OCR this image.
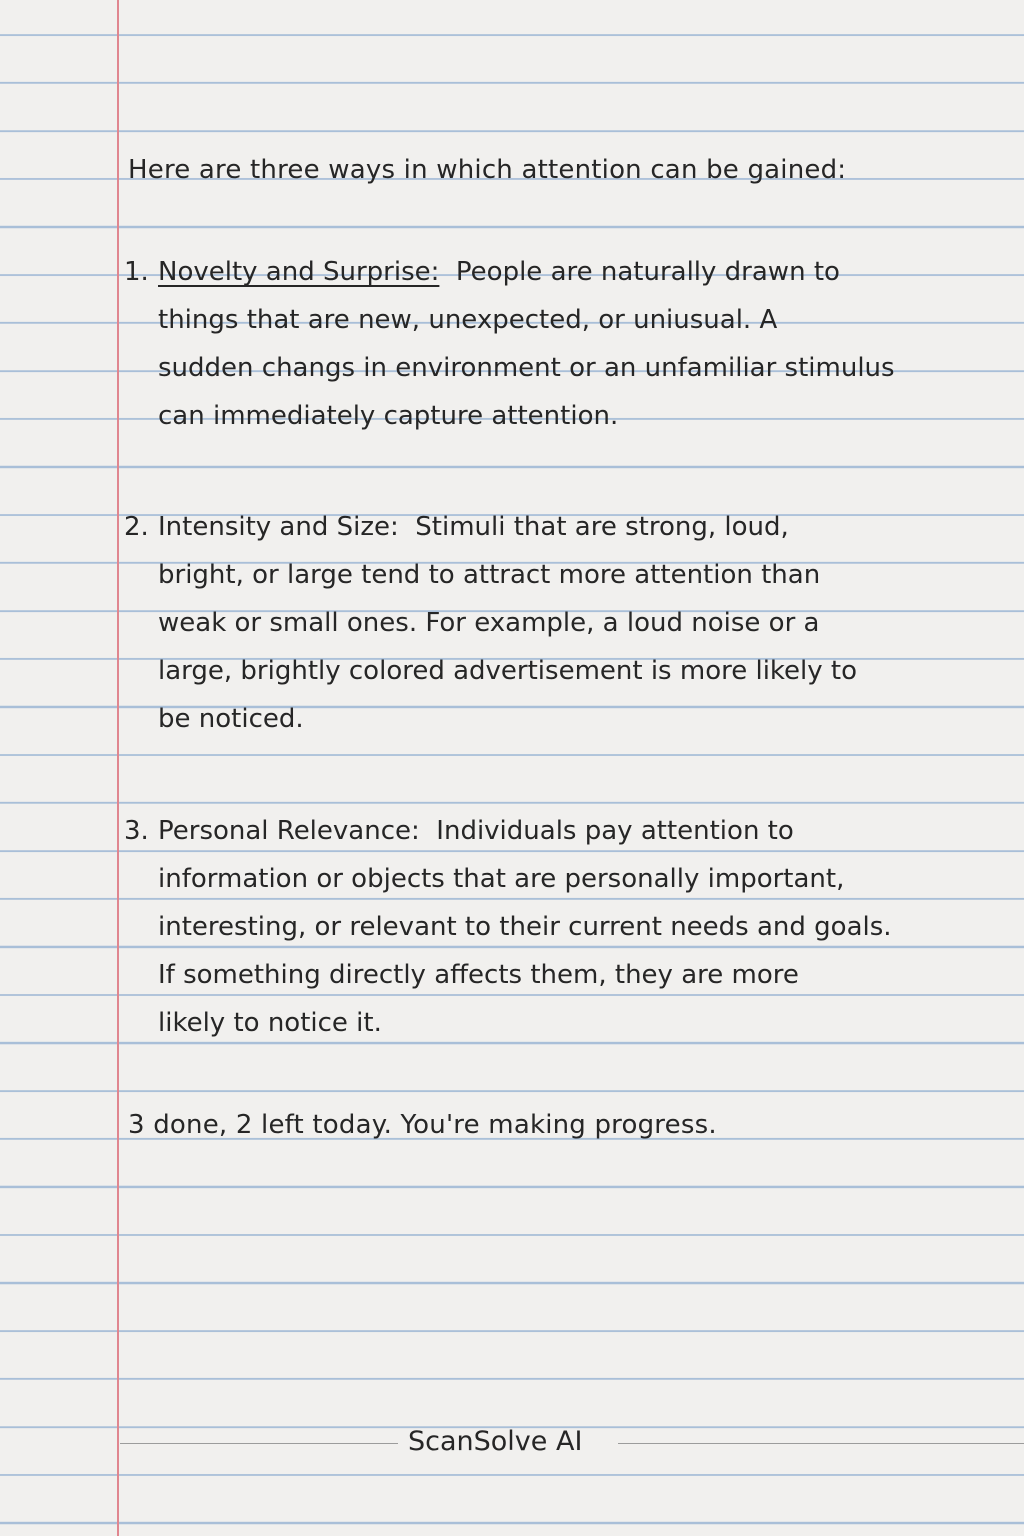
Here are three ways in which attention can be gained:
1. Novelty and Surprise: People are naturally drawn to
things that are new, unexpected, or uniusual. A
sudden changs in environment or an unfamiliar stimulus
can immediately capture attention.
2. Intensity and Size: Stimuli that are strong, loud,
bright, or large tend to attract more attention than
weak or small ones. For example, a loud noise or a
large, brightly colored advertisement is more likely to
be noticed.
3. Personal Relevance: Individuals pay attention to
information or objects that are personally important,
interesting, or relevant to their current needs and goals.
If something directly affects them, they are more
likely to notice it.
3 done, 2 left today. You're making progress.
ScanSolve AI
